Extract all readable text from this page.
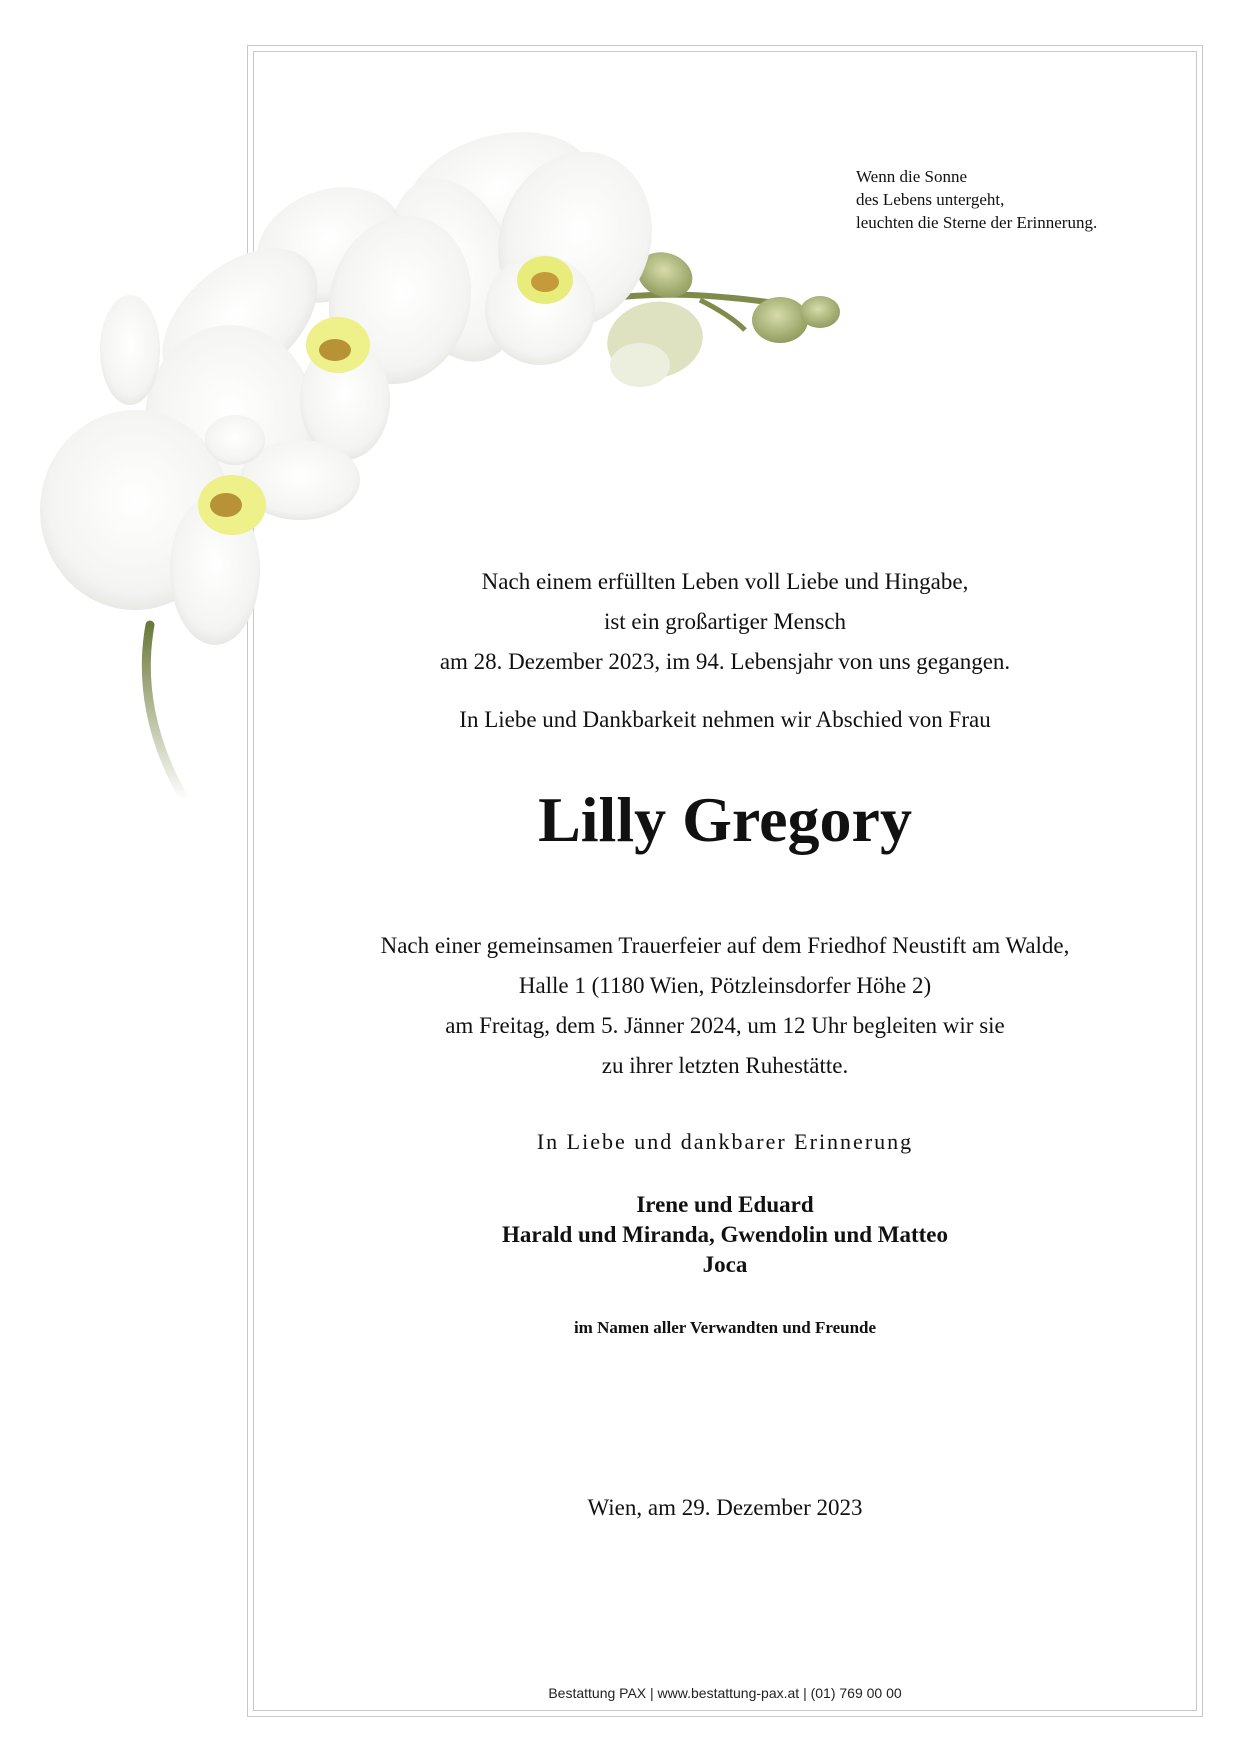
Wenn die Sonne
des Lebens untergeht,
leuchten die Sterne der Erinnerung.
Nach einem erfüllten Leben voll Liebe und Hingabe,
ist ein großartiger Mensch
am 28. Dezember 2023, im 94. Lebensjahr von uns gegangen.
In Liebe und Dankbarkeit nehmen wir Abschied von Frau
Lilly Gregory
Nach einer gemeinsamen Trauerfeier auf dem Friedhof Neustift am Walde,
Halle 1 (1180 Wien, Pötzleinsdorfer Höhe 2)
am Freitag, dem 5. Jänner 2024, um 12 Uhr begleiten wir sie
zu ihrer letzten Ruhestätte.
In Liebe und dankbarer Erinnerung
Irene und Eduard
Harald und Miranda, Gwendolin und Matteo
Joca
im Namen aller Verwandten und Freunde
Wien, am 29. Dezember 2023
Bestattung PAX | www.bestattung-pax.at | (01) 769 00 00
